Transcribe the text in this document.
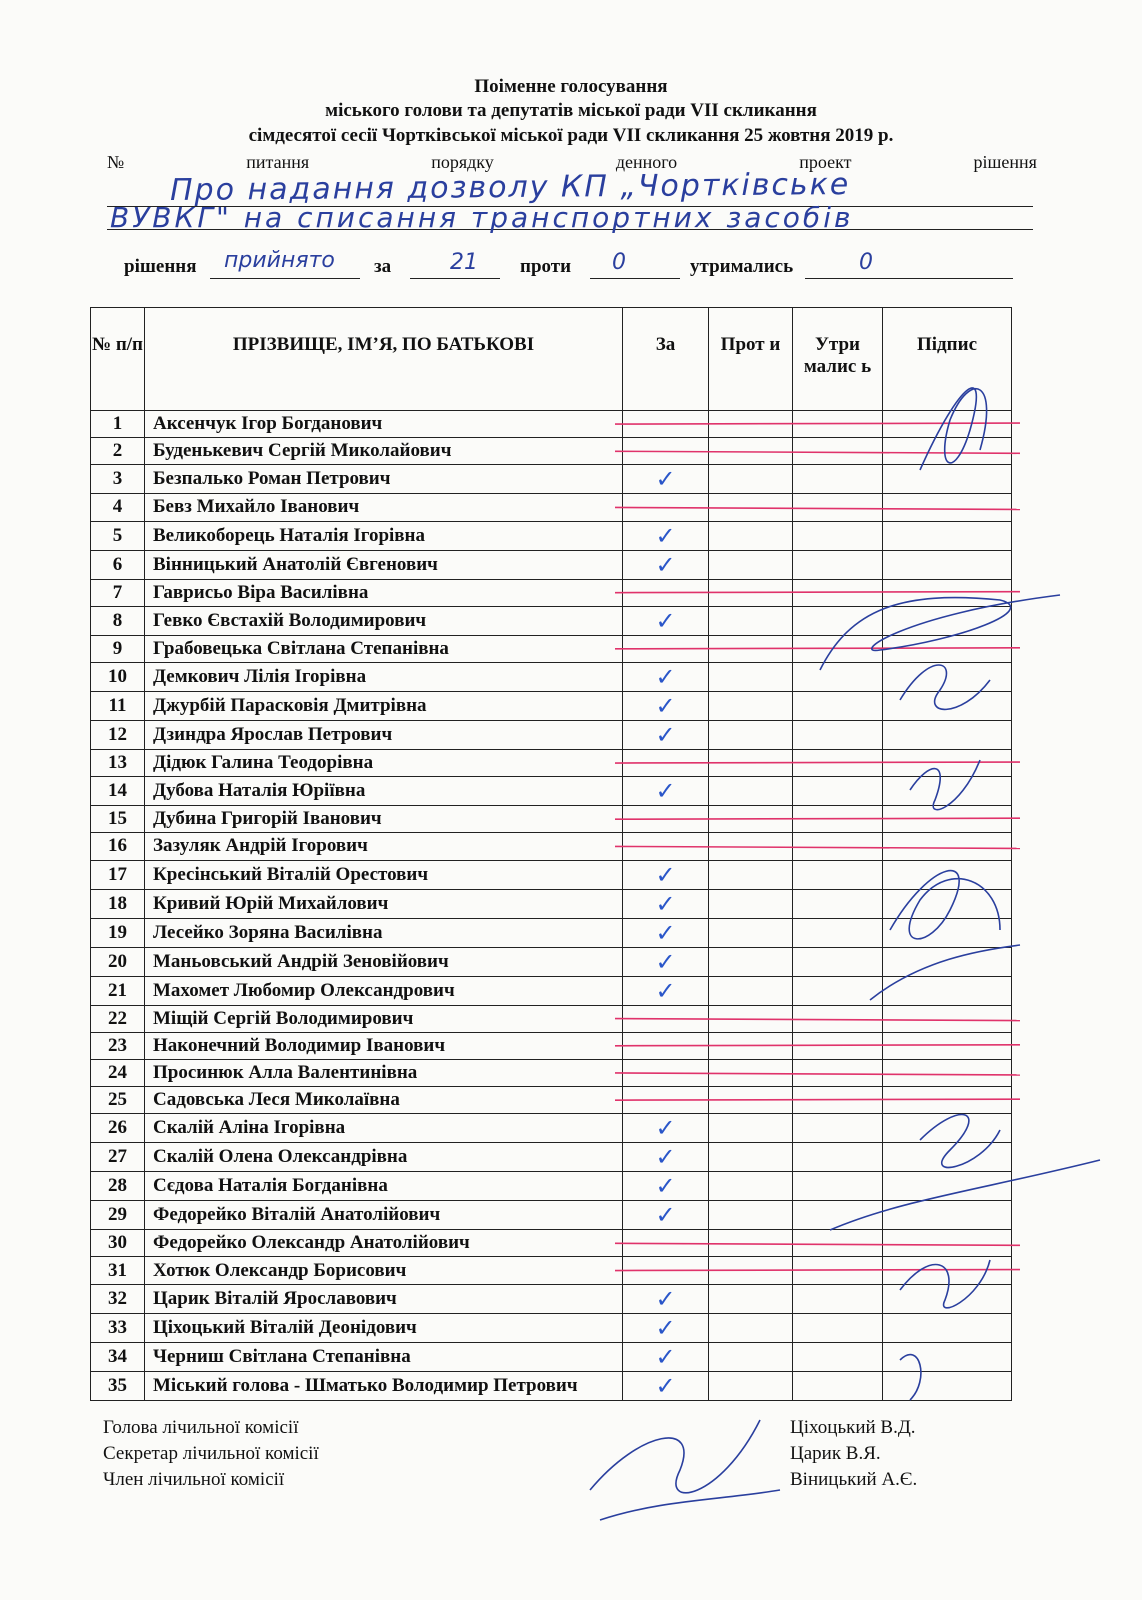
Поіменне голосування
міського голови та депутатів міської ради VII скликання
сімдесятої сесії Чортківської міської ради VII скликання 25 жовтня 2019 р.
№	питання	порядку	денного	проект	рішення
Про надання дозволу КП „Чортківське
ВУВКГ" на списання транспортних засобів
рішення прийнято за	21 проти 0	утримались	0
№ п/п	ПРІЗВИЩЕ, ІМ’Я, ПО БАТЬКОВІ	За	Прот и	Утри малис ь	Підпис
1	Аксенчук Ігор Богданович				
2	Буденькевич Сергій Миколайович				
3	Безпалько Роман Петрович	✓			
4	Бевз Михайло Іванович				
5	Великоборець Наталія Ігорівна	✓			
6	Вінницький Анатолій Євгенович	✓			
7	Гаврисьо Віра Василівна				
8	Гевко Євстахій Володимирович	✓			
9	Грабовецька Світлана Степанівна				
10	Демкович Лілія Ігорівна	✓			
11	Джурбій Парасковія Дмитрівна	✓			
12	Дзиндра Ярослав Петрович	✓			
13	Дідюк Галина Теодорівна				
14	Дубова Наталія Юріївна	✓			
15	Дубина Григорій Іванович				
16	Зазуляк Андрій Ігорович				
17	Кресінський Віталій Орестович	✓			
18	Кривий Юрій Михайлович	✓			
19	Лесейко Зоряна Василівна	✓			
20	Маньовський Андрій Зеновійович	✓			
21	Махомет Любомир Олександрович	✓			
22	Міщій Сергій Володимирович				
23	Наконечний Володимир Іванович				
24	Просинюк Алла Валентинівна				
25	Садовська Леся Миколаївна				
26	Скалій Аліна Ігорівна	✓			
27	Скалій Олена Олександрівна	✓			
28	Сєдова Наталія Богданівна	✓			
29	Федорейко Віталій Анатолійович	✓			
30	Федорейко Олександр Анатолійович				
31	Хотюк Олександр Борисович				
32	Царик Віталій Ярославович	✓			
33	Ціхоцький Віталій Деонідович	✓			
34	Черниш Світлана Степанівна	✓			
35	Міський голова - Шматько Володимир Петрович	✓			
Голова лічильної комісії
Секретар лічильної комісії
Член лічильної комісії
Ціхоцький В.Д.
Царик В.Я.
Віницький А.Є.
